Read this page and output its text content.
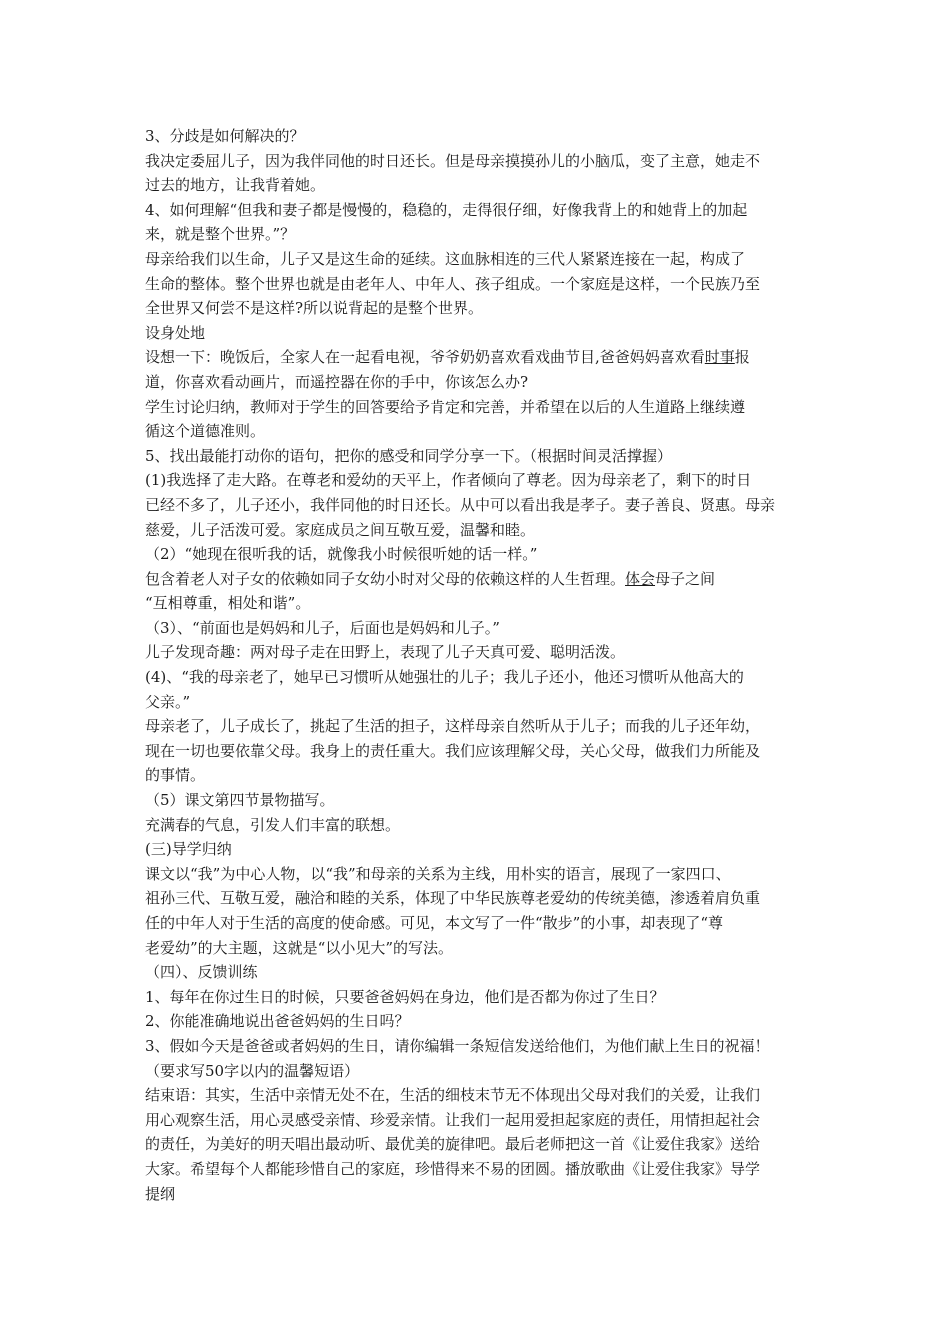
3、分歧是如何解决的？
我决定委屈儿子，因为我伴同他的时日还长。但是母亲摸摸孙儿的小脑瓜，变了主意，她走不
过去的地方，让我背着她。
4、如何理解“但我和妻子都是慢慢的，稳稳的，走得很仔细，好像我背上的和她背上的加起
来，就是整个世界。”？
母亲给我们以生命，儿子又是这生命的延续。这血脉相连的三代人紧紧连接在一起，构成了
生命的整体。整个世界也就是由老年人、中年人、孩子组成。一个家庭是这样，一个民族乃至
全世界又何尝不是这样?所以说背起的是整个世界。
设身处地
设想一下：晚饭后，全家人在一起看电视，爷爷奶奶喜欢看戏曲节目,爸爸妈妈喜欢看时事报
道，你喜欢看动画片，而遥控器在你的手中，你该怎么办?
学生讨论归纳，教师对于学生的回答要给予肯定和完善，并希望在以后的人生道路上继续遵
循这个道德准则。
5、找出最能打动你的语句，把你的感受和同学分享一下。（根据时间灵活撑握）
(1)我选择了走大路。在尊老和爱幼的天平上，作者倾向了尊老。因为母亲老了，剩下的时日
已经不多了，儿子还小，我伴同他的时日还长。从中可以看出我是孝子。妻子善良、贤惠。母亲
慈爱，儿子活泼可爱。家庭成员之间互敬互爱，温馨和睦。
（2）“她现在很听我的话，就像我小时候很听她的话一样。”
包含着老人对子女的依赖如同子女幼小时对父母的依赖这样的人生哲理。体会母子之间
“互相尊重，相处和谐”。
（3）、“前面也是妈妈和儿子，后面也是妈妈和儿子。”
儿子发现奇趣：两对母子走在田野上，表现了儿子天真可爱、聪明活泼。
(4)、“我的母亲老了，她早已习惯听从她强壮的儿子；我儿子还小，他还习惯听从他高大的
父亲。”
母亲老了，儿子成长了，挑起了生活的担子，这样母亲自然听从于儿子；而我的儿子还年幼，
现在一切也要依靠父母。我身上的责任重大。我们应该理解父母，关心父母，做我们力所能及
的事情。
（5）课文第四节景物描写。
充满春的气息，引发人们丰富的联想。
(三)导学归纳
课文以“我”为中心人物，以“我”和母亲的关系为主线，用朴实的语言，展现了一家四口、
祖孙三代、互敬互爱，融洽和睦的关系，体现了中华民族尊老爱幼的传统美德，渗透着肩负重
任的中年人对于生活的高度的使命感。可见，本文写了一件“散步”的小事，却表现了“尊
老爱幼”的大主题，这就是“以小见大”的写法。
（四）、反馈训练
1、每年在你过生日的时候，只要爸爸妈妈在身边，他们是否都为你过了生日？
2、你能准确地说出爸爸妈妈的生日吗？
3、假如今天是爸爸或者妈妈的生日，请你编辑一条短信发送给他们，为他们献上生日的祝福！
（要求写50字以内的温馨短语）
结束语：其实，生活中亲情无处不在，生活的细枝末节无不体现出父母对我们的关爱，让我们
用心观察生活，用心灵感受亲情、珍爱亲情。让我们一起用爱担起家庭的责任，用情担起社会
的责任，为美好的明天唱出最动听、最优美的旋律吧。最后老师把这一首《让爱住我家》送给
大家。希望每个人都能珍惜自己的家庭，珍惜得来不易的团圆。播放歌曲《让爱住我家》导学
提纲
